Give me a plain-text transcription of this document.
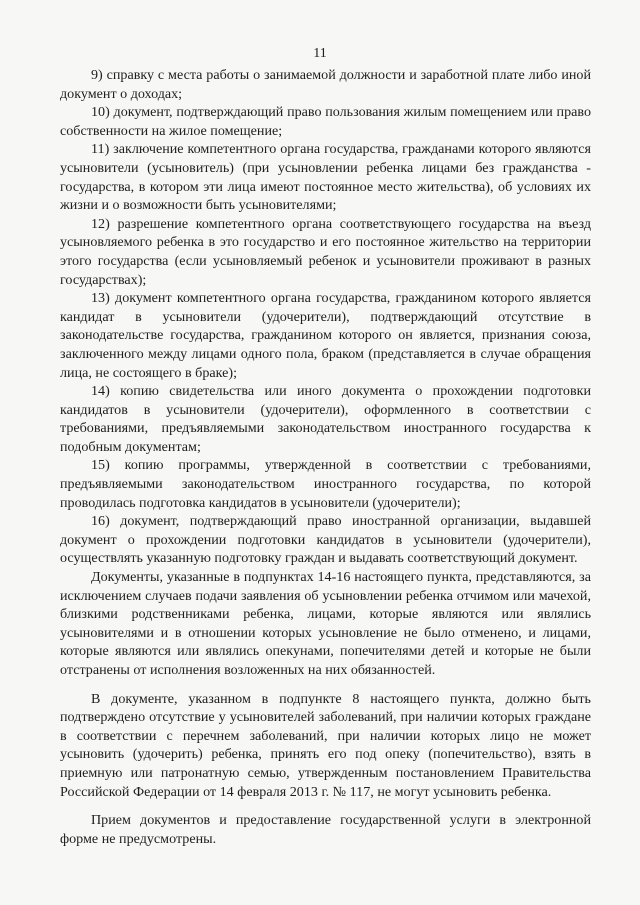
11

9) справку с места работы о занимаемой должности и заработной плате либо иной документ о доходах;

10) документ, подтверждающий право пользования жилым помещением или право собственности на жилое помещение;

11) заключение компетентного органа государства, гражданами которого являются усыновители (усыновитель) (при усыновлении ребенка лицами без гражданства - государства, в котором эти лица имеют постоянное место жительства), об условиях их жизни и о возможности быть усыновителями;

12) разрешение компетентного органа соответствующего государства на въезд усыновляемого ребенка в это государство и его постоянное жительство на территории этого государства (если усыновляемый ребенок и усыновители проживают в разных государствах);

13) документ компетентного органа государства, гражданином которого является кандидат в усыновители (удочерители), подтверждающий отсутствие в законодательстве государства, гражданином которого он является, признания союза, заключенного между лицами одного пола, браком (представляется в случае обращения лица, не состоящего в браке);

14) копию свидетельства или иного документа о прохождении подготовки кандидатов в усыновители (удочерители), оформленного в соответствии с требованиями, предъявляемыми законодательством иностранного государства к подобным документам;

15) копию программы, утвержденной в соответствии с требованиями, предъявляемыми законодательством иностранного государства, по которой проводилась подготовка кандидатов в усыновители (удочерители);

16) документ, подтверждающий право иностранной организации, выдавшей документ о прохождении подготовки кандидатов в усыновители (удочерители), осуществлять указанную подготовку граждан и выдавать соответствующий документ.

Документы, указанные в подпунктах 14-16 настоящего пункта, представляются, за исключением случаев подачи заявления об усыновлении ребенка отчимом или мачехой, близкими родственниками ребенка, лицами, которые являются или являлись усыновителями и в отношении которых усыновление не было отменено, и лицами, которые являются или являлись опекунами, попечителями детей и которые не были отстранены от исполнения возложенных на них обязанностей.

В документе, указанном в подпункте 8 настоящего пункта, должно быть подтверждено отсутствие у усыновителей заболеваний, при наличии которых граждане в соответствии с перечнем заболеваний, при наличии которых лицо не может усыновить (удочерить) ребенка, принять его под опеку (попечительство), взять в приемную или патронатную семью, утвержденным постановлением Правительства Российской Федерации от 14 февраля 2013 г. № 117, не могут усыновить ребенка.

Прием документов и предоставление государственной услуги в электронной форме не предусмотрены.
